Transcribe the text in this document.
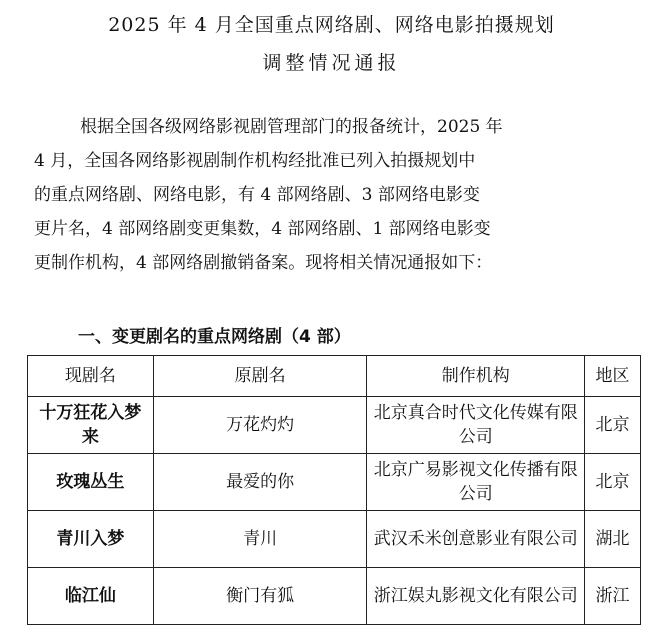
2025 年 4 月全国重点网络剧、网络电影拍摄规划
调整情况通报
根据全国各级网络影视剧管理部门的报备统计，2025 年
4 月，全国各网络影视剧制作机构经批准已列入拍摄规划中
的重点网络剧、网络电影，有 4 部网络剧、3 部网络电影变
更片名，4 部网络剧变更集数，4 部网络剧、1 部网络电影变
更制作机构，4 部网络剧撤销备案。现将相关情况通报如下：
一、变更剧名的重点网络剧（4 部）
现剧名	原剧名	制作机构	地区
十万狂花入梦来	万花灼灼	北京真合时代文化传媒有限公司	北京
玫瑰丛生	最爱的你	北京广易影视文化传播有限公司	北京
青川入梦	青川	武汉禾米创意影业有限公司	湖北
临江仙	衡门有狐	浙江娱丸影视文化有限公司	浙江
